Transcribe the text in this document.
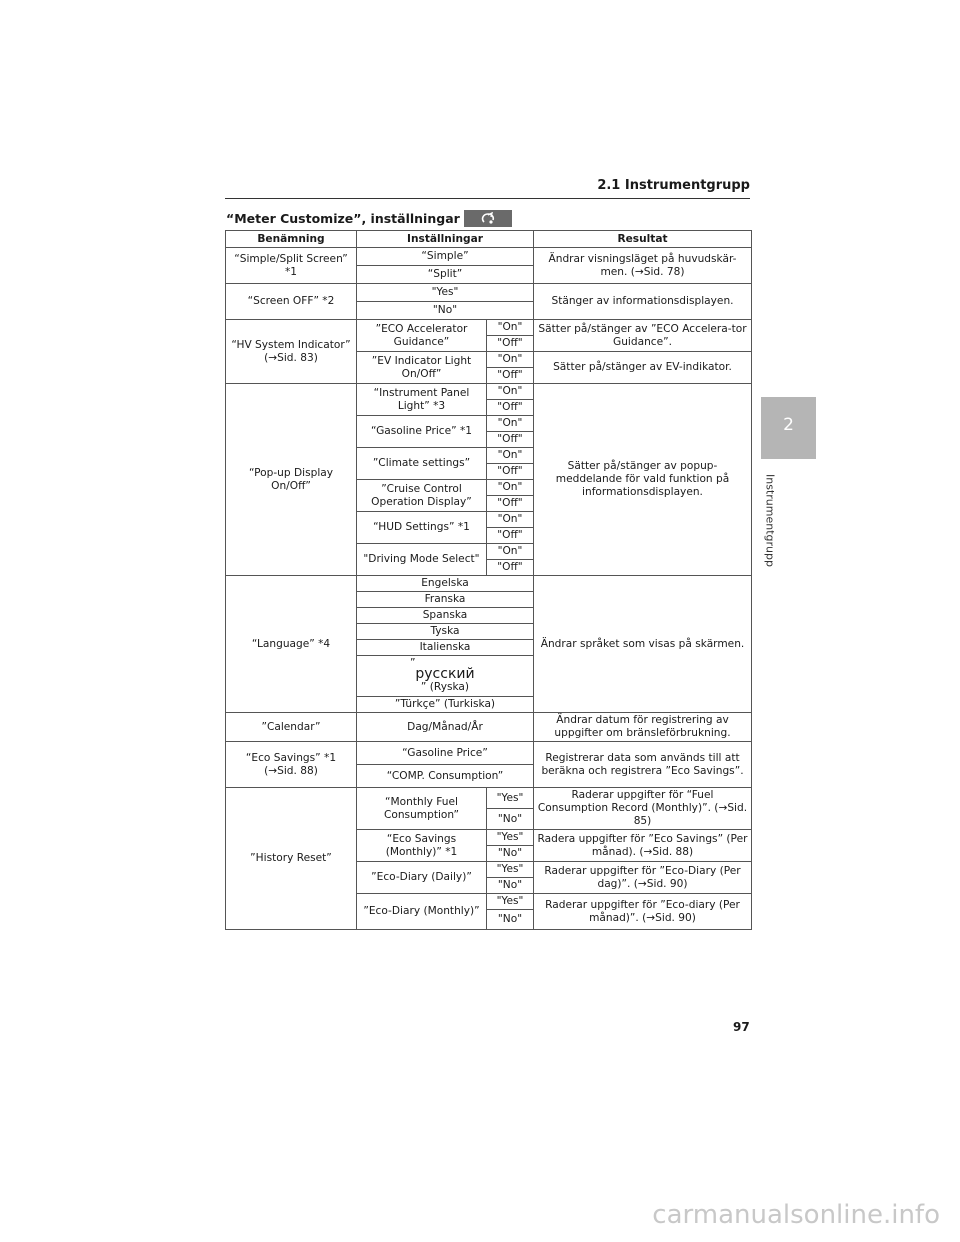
2.1 Instrumentgrupp
2
Instrumentgrupp
“Meter Customize”, inställningar
Benämning	Inställningar		Resultat
“Simple/Split Screen” *1	“Simple”		Ändrar visningsläget på huvudskär-men. (→Sid. 78)
	“Split”		
“Screen OFF” *2	"Yes"		Stänger av informationsdisplayen.
	"No"		
“HV System Indicator” (→Sid. 83)	”ECO Accelerator Guidance”	"On"	Sätter på/stänger av ”ECO Accelera-tor Guidance”.
		"Off"	
	”EV Indicator Light On/Off”	"On"	Sätter på/stänger av EV-indikator.
		"Off"	
“Pop-up Display On/Off”	“Instrument Panel Light” *3	"On"	Sätter på/stänger av popup-meddelande för vald funktion på informationsdisplayen.
		"Off"	
	“Gasoline Price” *1	"On"	
		"Off"	
	”Climate settings”	"On"	
		"Off"	
	”Cruise Control Operation Display”	"On"	
		"Off"	
	“HUD Settings” *1	"On"	
		"Off"	
	"Driving Mode Select"	"On"	
		"Off"	
“Language” *4	Engelska		Ändrar språket som visas på skärmen.
	Franska		
	Spanska		
	Tyska		
	Italienska		

	”
русский
” (Ryska)		

	”Türkçe” (Turkiska)		
”Calendar”	Dag/Månad/År		Ändrar datum för registrering av uppgifter om bränsleförbrukning.
“Eco Savings” *1 (→Sid. 88)	“Gasoline Price”		Registrerar data som används till att beräkna och registrera ”Eco Savings”.
	“COMP. Consumption”		
”History Reset”	“Monthly Fuel Consumption”	"Yes"	Raderar uppgifter för “Fuel Consumption Record (Monthly)”. (→Sid. 85)
		"No"	
	“Eco Savings (Monthly)” *1	"Yes"	Radera uppgifter för ”Eco Savings” (Per månad). (→Sid. 88)
		"No"	
	”Eco-Diary (Daily)”	"Yes"	Raderar uppgifter för ”Eco-Diary (Per dag)”. (→Sid. 90)
		"No"	
	”Eco-Diary (Monthly)”	"Yes"	Raderar uppgifter för ”Eco-diary (Per månad)”. (→Sid. 90)
		"No"	
97
carmanualsonline.info
